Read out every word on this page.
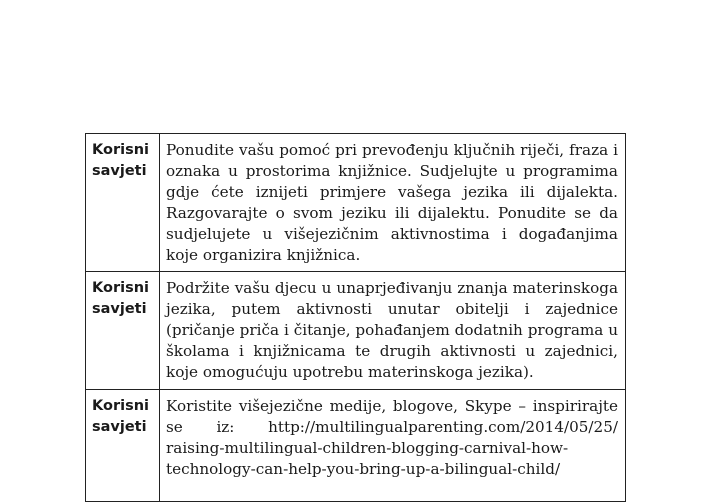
Korisni
savjeti	Ponudite vašu pomoć pri prevođenju ključnih riječi, fraza i oznaka u prostorima knjižnice. Sudjelujte u programima gdje ćete iznijeti primjere vašega jezika ili dijalekta. Razgovarajte o svom jeziku ili dijalektu. Ponudite se da sudjelujete u višejezičnim aktivnostima i događanjima koje organizira knjižnica.

Korisni
savjeti	Podržite vašu djecu u unaprjeđivanju znanja materinskoga jezika, putem aktivnosti unutar obitelji i zajednice (pričanje priča i čitanje, pohađanjem dodatnih programa u školama i knjižnicama te drugih aktivnosti u zajednici, koje omogućuju upotrebu materinskoga jezika).

Korisni
savjeti	Koristite višejezične medije, blogove, Skype – inspirirajte se iz: http://multilingualparenting.com/2014/05/25/​raising-multilingual-children-blogging-carnival-how-​technology-can-help-you-bring-up-a-bilingual-child/
